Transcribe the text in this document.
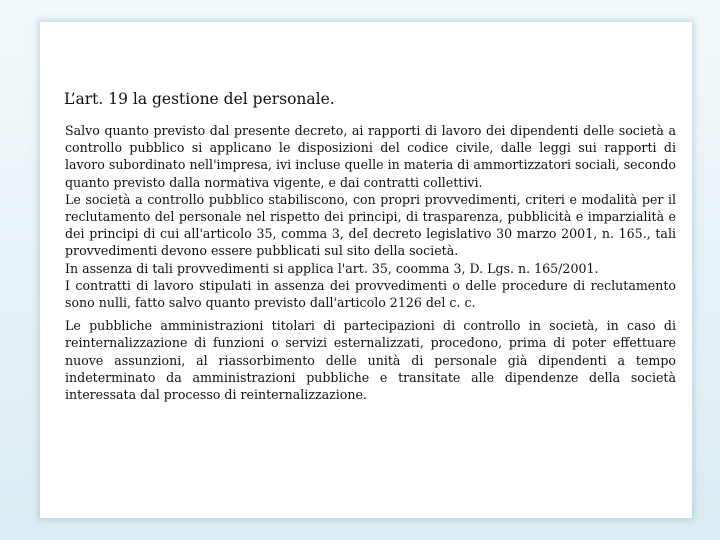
L’art. 19 la gestione del personale.

Salvo quanto previsto dal presente decreto, ai rapporti di lavoro dei dipendenti delle società a controllo pubblico si applicano le disposizioni del codice civile, dalle leggi sui rapporti di lavoro subordinato nell'impresa, ivi incluse quelle in materia di ammortizzatori sociali, secondo quanto previsto dalla normativa vigente, e dai contratti collettivi.

Le società a controllo pubblico stabiliscono, con propri provvedimenti, criteri e modalità per il reclutamento del personale nel rispetto dei principi, di trasparenza, pubblicità e imparzialità e dei principi di cui all'articolo 35, comma 3, del decreto legislativo 30 marzo 2001, n. 165., tali provvedimenti devono essere pubblicati sul sito della società.

In assenza di tali provvedimenti si applica l'art. 35, coomma 3, D. Lgs. n. 165/2001.

I contratti di lavoro stipulati in assenza dei provvedimenti o delle procedure di reclutamento sono nulli, fatto salvo quanto previsto dall'articolo 2126 del c. c.

Le pubbliche amministrazioni titolari di partecipazioni di controllo in società, in caso di reinternalizzazione di funzioni o servizi esternalizzati, procedono, prima di poter effettuare nuove assunzioni, al riassorbimento delle unità di personale già dipendenti a tempo indeterminato da amministrazioni pubbliche e transitate alle dipendenze della società interessata dal processo di reinternalizzazione.
